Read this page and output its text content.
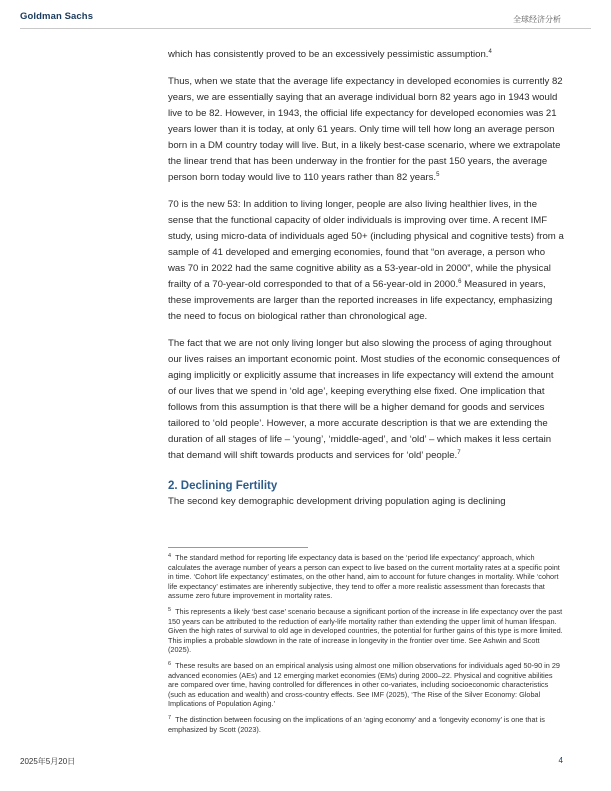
Goldman Sachs	全球经济分析

which has consistently proved to be an excessively pessimistic assumption.$^4$

Thus, when we state that the average life expectancy in developed economies is currently 82 years, we are essentially saying that an average individual born 82 years ago in 1943 would live to be 82. However, in 1943, the official life expectancy for developed economies was 21 years lower than it is today, at only 61 years. Only time will tell how long an average person born in a DM country today will live. But, in a likely best-case scenario, where we extrapolate the linear trend that has been underway in the frontier for the past 150 years, the average person born today would live to 110 years rather than 82 years.$^5$

70 is the new 53: In addition to living longer, people are also living healthier lives, in the sense that the functional capacity of older individuals is improving over time. A recent IMF study, using micro-data of individuals aged 50+ (including physical and cognitive tests) from a sample of 41 developed and emerging economies, found that “on average, a person who was 70 in 2022 had the same cognitive ability as a 53-year-old in 2000”, while the physical frailty of a 70-year-old corresponded to that of a 56-year-old in 2000.$^6$ Measured in years, these improvements are larger than the reported increases in life expectancy, emphasizing the need to focus on biological rather than chronological age.

The fact that we are not only living longer but also slowing the process of aging throughout our lives raises an important economic point. Most studies of the economic consequences of aging implicitly or explicitly assume that increases in life expectancy will extend the amount of our lives that we spend in ‘old age’, keeping everything else fixed. One implication that follows from this assumption is that there will be a higher demand for goods and services tailored to ‘old people’. However, a more accurate description is that we are extending the duration of all stages of life – ‘young’, ‘middle-aged’, and ‘old’ – which makes it less certain that demand will shift towards products and services for ‘old’ people.$^7$

2. Declining Fertility

The second key demographic development driving population aging is declining

$^4$ The standard method for reporting life expectancy data is based on the ‘period life expectancy’ approach, which calculates the average number of years a person can expect to live based on the current mortality rates at a specific point in time. ‘Cohort life expectancy’ estimates, on the other hand, aim to account for future changes in mortality. While ‘cohort life expectancy’ estimates are inherently subjective, they tend to offer a more realistic assessment than forecasts that assume zero future improvement in mortality rates.

$^5$ This represents a likely ‘best case’ scenario because a significant portion of the increase in life expectancy over the past 150 years can be attributed to the reduction of early-life mortality rather than extending the upper limit of human lifespan. Given the high rates of survival to old age in developed countries, the potential for further gains of this type is more limited. This implies a probable slowdown in the rate of increase in longevity in the frontier over time. See Ashwin and Scott (2025).

$^6$ These results are based on an empirical analysis using almost one million observations for individuals aged 50-90 in 29 advanced economies (AEs) and 12 emerging market economies (EMs) during 2000–22. Physical and cognitive abilities are compared over time, having controlled for differences in other co-variates, including socioeconomic characteristics (such as education and wealth) and cross-country effects. See IMF (2025), ‘The Rise of the Silver Economy: Global Implications of Population Aging.’

$^7$ The distinction between focusing on the implications of an ‘aging economy’ and a ‘longevity economy’ is one that is emphasized by Scott (2023).

2025年5月20日	4
